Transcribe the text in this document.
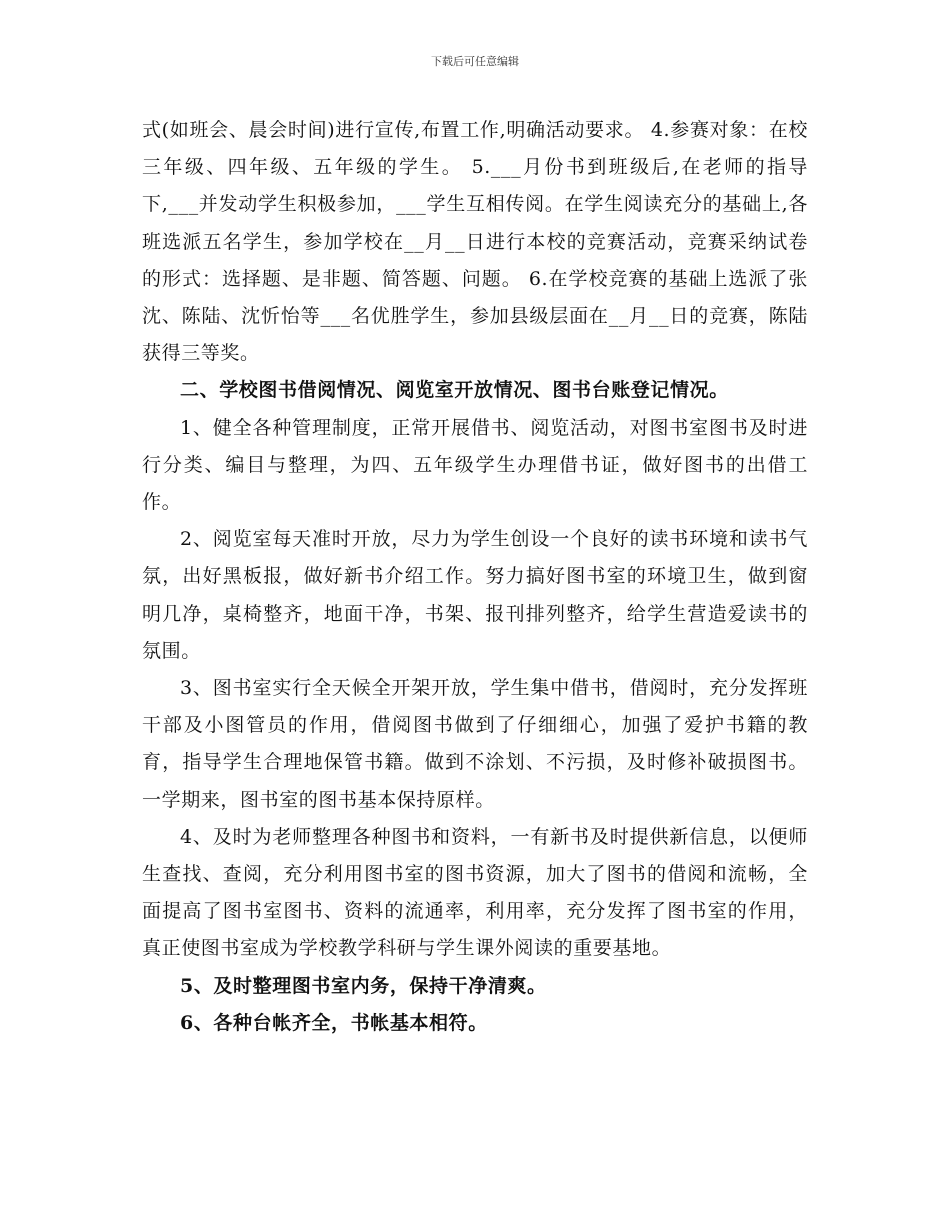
下载后可任意编辑

式(如班会、晨会时间)进行宣传,布置工作,明确活动要求。 4.参赛对象：在校三年级、四年级、五年级的学生。 5.___月份书到班级后,在老师的指导下,___并发动学生积极参加，___学生互相传阅。在学生阅读充分的基础上,各班选派五名学生，参加学校在__月__日进行本校的竞赛活动，竞赛采纳试卷的形式：选择题、是非题、简答题、问题。 6.在学校竞赛的基础上选派了张沈、陈陆、沈忻怡等___名优胜学生，参加县级层面在__月__日的竞赛，陈陆获得三等奖。

二、学校图书借阅情况、阅览室开放情况、图书台账登记情况。

1、健全各种管理制度，正常开展借书、阅览活动，对图书室图书及时进行分类、编目与整理，为四、五年级学生办理借书证，做好图书的出借工作。

2、阅览室每天准时开放，尽力为学生创设一个良好的读书环境和读书气氛，出好黑板报，做好新书介绍工作。努力搞好图书室的环境卫生，做到窗明几净，桌椅整齐，地面干净，书架、报刊排列整齐，给学生营造爱读书的氛围。

3、图书室实行全天候全开架开放，学生集中借书，借阅时，充分发挥班干部及小图管员的作用，借阅图书做到了仔细细心，加强了爱护书籍的教育，指导学生合理地保管书籍。做到不涂划、不污损，及时修补破损图书。一学期来，图书室的图书基本保持原样。

4、及时为老师整理各种图书和资料，一有新书及时提供新信息，以便师生查找、查阅，充分利用图书室的图书资源，加大了图书的借阅和流畅，全面提高了图书室图书、资料的流通率，利用率，充分发挥了图书室的作用，真正使图书室成为学校教学科研与学生课外阅读的重要基地。

5、及时整理图书室内务，保持干净清爽。

6、各种台帐齐全，书帐基本相符。
